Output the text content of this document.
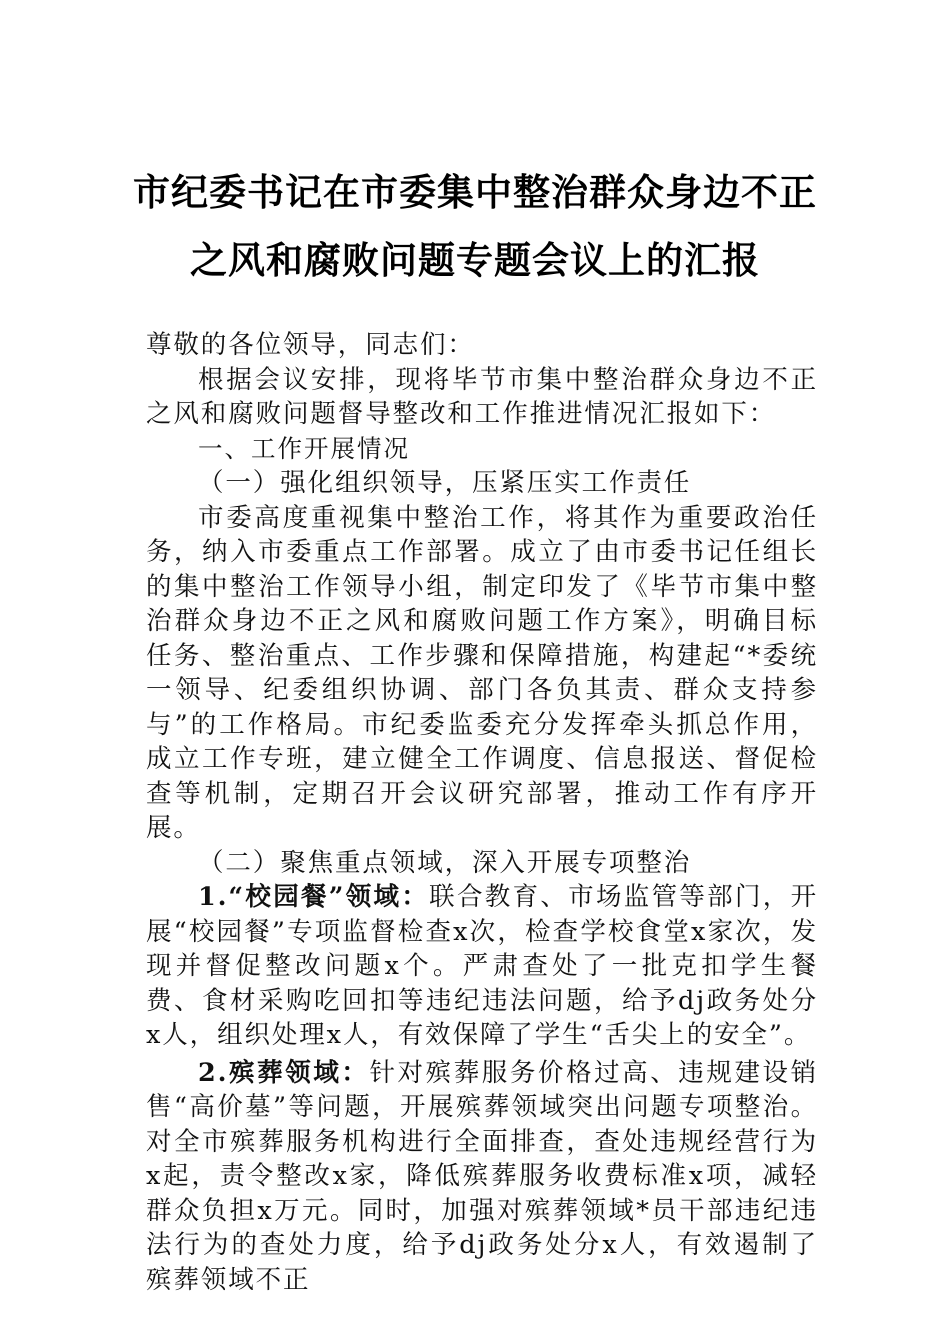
市纪委书记在市委集中整治群众身边不正
之风和腐败问题专题会议上的汇报

尊敬的各位领导，同志们：

根据会议安排，现将毕节市集中整治群众身边不正之风和腐败问题督导整改和工作推进情况汇报如下：

一、工作开展情况

（一）强化组织领导，压紧压实工作责任

市委高度重视集中整治工作，将其作为重要政治任务，纳入市委重点工作部署。成立了由市委书记任组长的集中整治工作领导小组，制定印发了《毕节市集中整治群众身边不正之风和腐败问题工作方案》，明确目标任务、整治重点、工作步骤和保障措施，构建起“*委统一领导、纪委组织协调、部门各负其责、群众支持参与”的工作格局。市纪委监委充分发挥牵头抓总作用，成立工作专班，建立健全工作调度、信息报送、督促检查等机制，定期召开会议研究部署，推动工作有序开展。

（二）聚焦重点领域，深入开展专项整治

1.“校园餐”领域：联合教育、市场监管等部门，开展“校园餐”专项监督检查x次，检查学校食堂x家次，发现并督促整改问题x个。严肃查处了一批克扣学生餐费、食材采购吃回扣等违纪违法问题，给予dj政务处分x人，组织处理x人，有效保障了学生“舌尖上的安全”。

2.殡葬领域：针对殡葬服务价格过高、违规建设销售“高价墓”等问题，开展殡葬领域突出问题专项整治。对全市殡葬服务机构进行全面排查，查处违规经营行为x起，责令整改x家，降低殡葬服务收费标准x项，减轻群众负担x万元。同时，加强对殡葬领域*员干部违纪违法行为的查处力度，给予dj政务处分x人，有效遏制了殡葬领域不正
